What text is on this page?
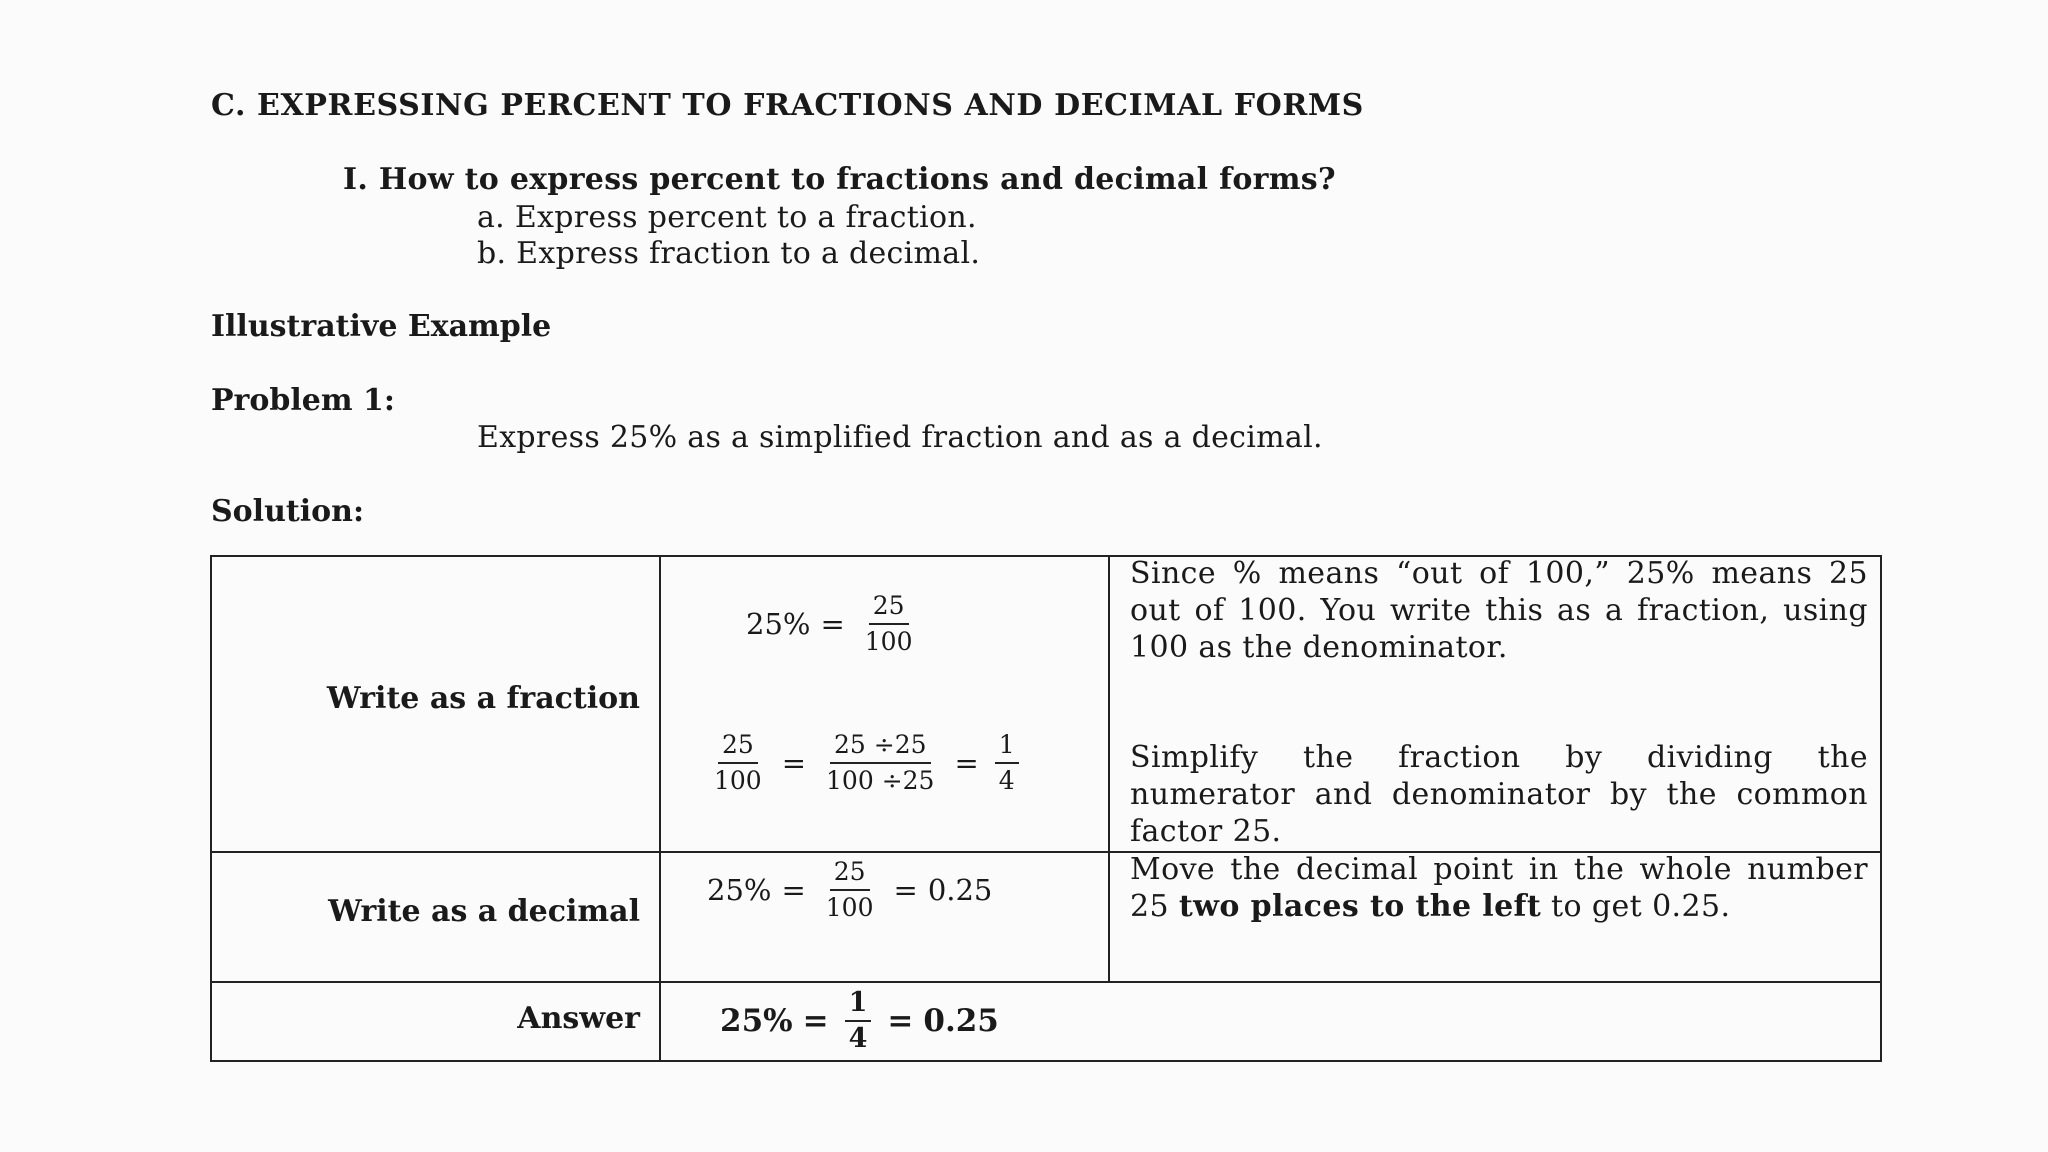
C. EXPRESSING PERCENT TO FRACTIONS AND DECIMAL FORMS
I. How to express percent to fractions and decimal forms?
a. Express percent to a fraction.
b. Express fraction to a decimal.
Illustrative Example
Problem 1:
Express 25% as a simplified fraction and as a decimal.
Solution:
Write as a fraction
$25\% = \frac{25}{100}$
$\frac{25}{100} = \frac{25 \div 25}{100 \div 25} = \frac{1}{4}$
Since % means “out of 100,” 25% means 25 out of 100. You write this as a fraction, using 100 as the denominator.
Simplify the fraction by dividing the numerator and denominator by the common factor 25.
Write as a decimal
$25\% = \frac{25}{100} = 0.25$
Move the decimal point in the whole number 25 two places to the left to get 0.25.
Answer	$25\% = \frac{1}{4} = 0.25$
